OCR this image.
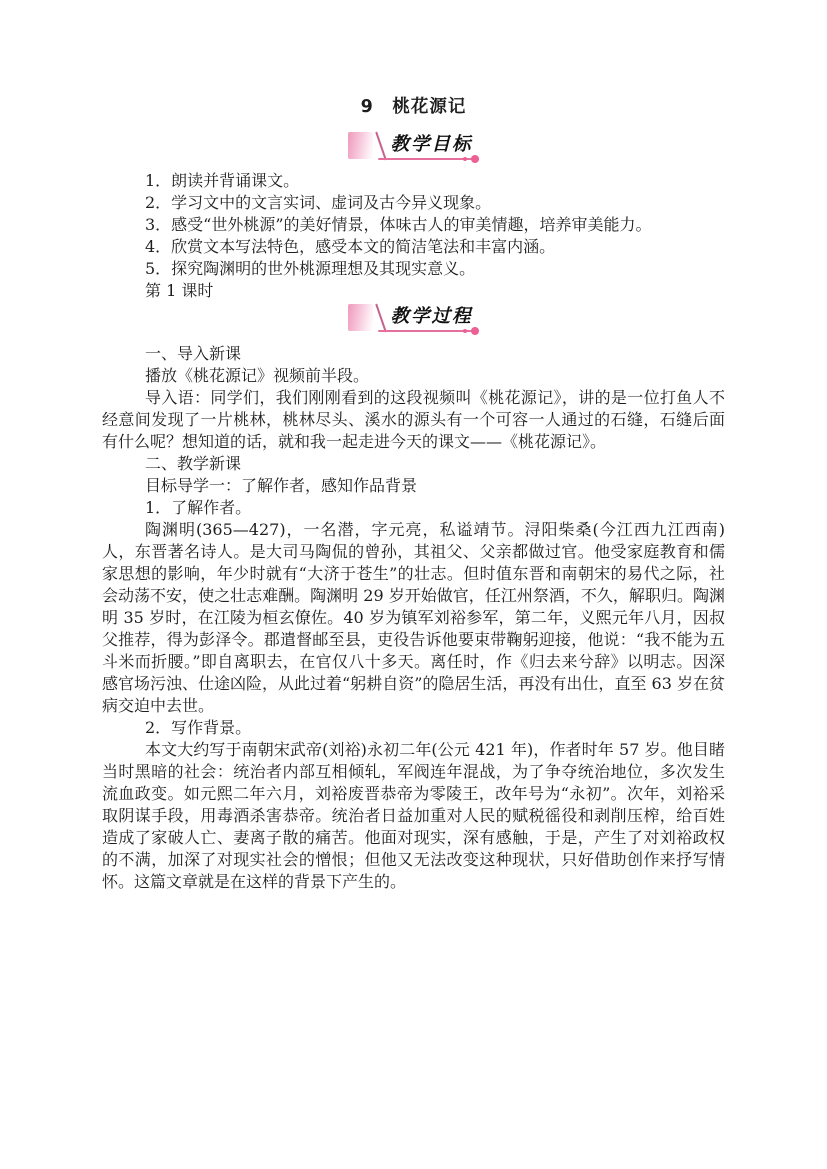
9　桃花源记
教学目标

1．朗读并背诵课文。

2．学习文中的文言实词、虚词及古今异义现象。

3．感受“世外桃源”的美好情景，体味古人的审美情趣，培养审美能力。

4．欣赏文本写法特色，感受本文的简洁笔法和丰富内涵。

5．探究陶渊明的世外桃源理想及其现实意义。

第 1 课时

教学过程

一、导入新课

播放《桃花源记》视频前半段。

导入语：同学们，我们刚刚看到的这段视频叫《桃花源记》，讲的是一位打鱼人不经意间发现了一片桃林，桃林尽头、溪水的源头有一个可容一人通过的石缝，石缝后面有什么呢？想知道的话，就和我一起走进今天的课文——《桃花源记》。

二、教学新课

目标导学一：了解作者，感知作品背景

1．了解作者。

陶渊明(365—427)，一名潜，字元亮，私谥靖节。浔阳柴桑(今江西九江西南)人，东晋著名诗人。是大司马陶侃的曾孙，其祖父、父亲都做过官。他受家庭教育和儒家思想的影响，年少时就有“大济于苍生”的壮志。但时值东晋和南朝宋的易代之际，社会动荡不安，使之壮志难酬。陶渊明 29 岁开始做官，任江州祭酒，不久，解职归。陶渊明 35 岁时，在江陵为桓玄僚佐。40 岁为镇军刘裕参军，第二年，义熙元年八月，因叔父推荐，得为彭泽令。郡遣督邮至县，吏役告诉他要束带鞠躬迎接，他说：“我不能为五斗米而折腰。”即自离职去，在官仅八十多天。离任时，作《归去来兮辞》以明志。因深感官场污浊、仕途凶险，从此过着“躬耕自资”的隐居生活，再没有出仕，直至 63 岁在贫病交迫中去世。

2．写作背景。

本文大约写于南朝宋武帝(刘裕)永初二年(公元 421 年)，作者时年 57 岁。他目睹当时黑暗的社会：统治者内部互相倾轧，军阀连年混战，为了争夺统治地位，多次发生流血政变。如元熙二年六月，刘裕废晋恭帝为零陵王，改年号为“永初”。次年，刘裕采取阴谋手段，用毒酒杀害恭帝。统治者日益加重对人民的赋税徭役和剥削压榨，给百姓造成了家破人亡、妻离子散的痛苦。他面对现实，深有感触，于是，产生了对刘裕政权的不满，加深了对现实社会的憎恨；但他又无法改变这种现状，只好借助创作来抒写情怀。这篇文章就是在这样的背景下产生的。
